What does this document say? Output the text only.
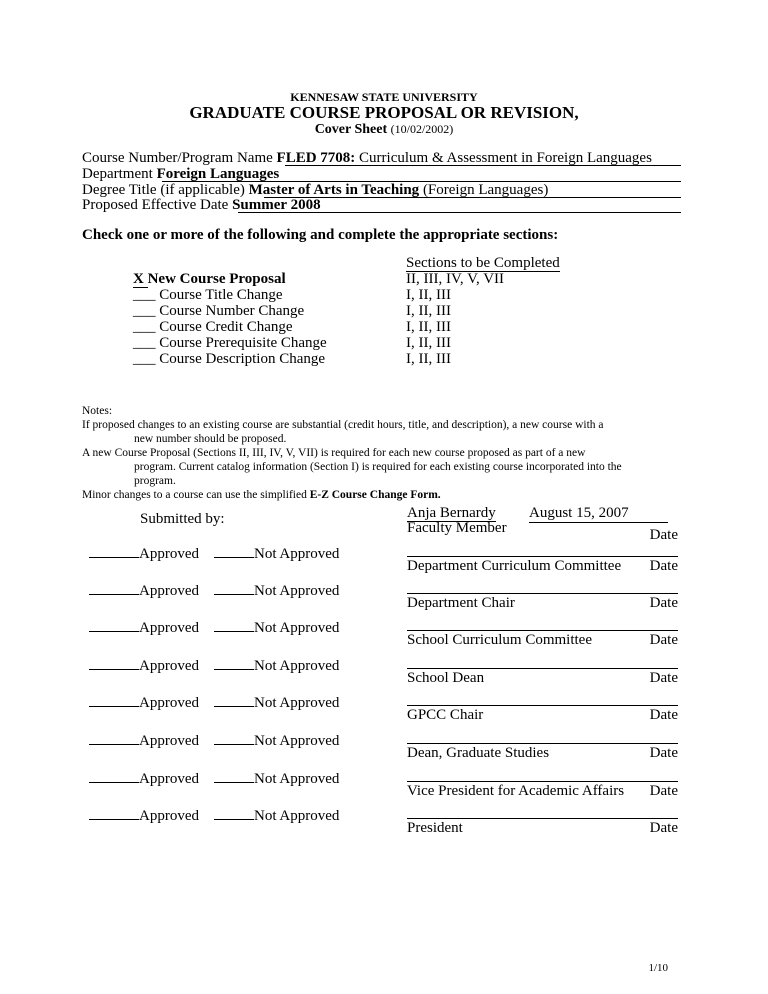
KENNESAW STATE UNIVERSITY
GRADUATE COURSE PROPOSAL OR REVISION,
Cover Sheet (10/02/2002)
Course Number/Program Name FLED 7708: Curriculum & Assessment in Foreign Languages
Department Foreign Languages
Degree Title (if applicable) Master of Arts in Teaching (Foreign Languages)
Proposed Effective Date Summer 2008
Check one or more of the following and complete the appropriate sections:
Sections to be Completed
X New Course Proposal	II, III, IV, V, VII
___ Course Title Change	I, II, III
___ Course Number Change	I, II, III
___ Course Credit Change	I, II, III
___ Course Prerequisite Change	I, II, III
___ Course Description Change	I, II, III
Notes:
If proposed changes to an existing course are substantial (credit hours, title, and description), a new course with a
new number should be proposed.
A new Course Proposal (Sections II, III, IV, V, VII) is required for each new course proposed as part of a new
program. Current catalog information (Section I) is required for each existing course incorporated into the
program.
Minor changes to a course can use the simplified E-Z Course Change Form.
Submitted by:	Anja Bernardy August 15, 2007
Faculty Member	Date
Approved	Not Approved
Department Curriculum Committee Date
Approved	Not Approved
Department Chair	Date
Approved	Not Approved
School Curriculum Committee	Date
Approved	Not Approved
School Dean	Date
Approved	Not Approved
GPCC Chair	Date
Approved	Not Approved
Dean, Graduate Studies	Date
Approved	Not Approved
Vice President for Academic Affairs Date
Approved	Not Approved
President	Date
1/10
